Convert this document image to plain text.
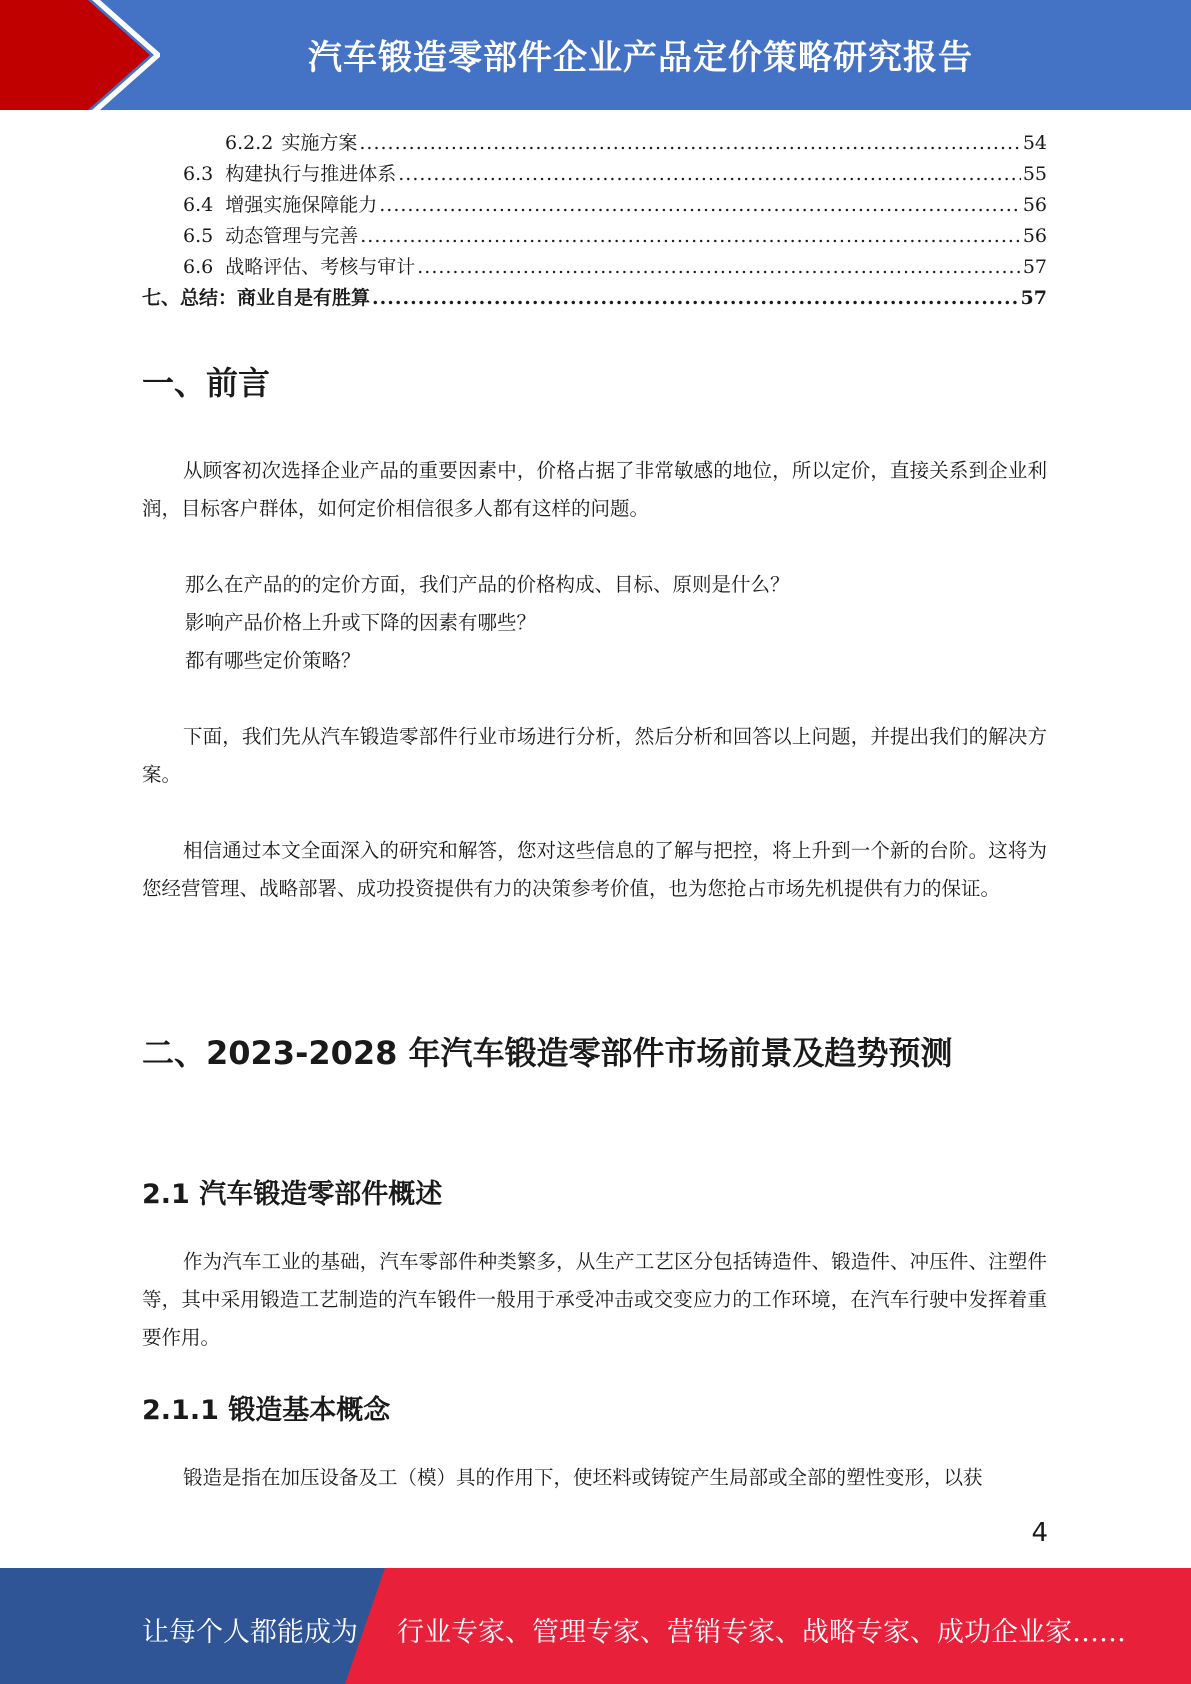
汽车锻造零部件企业产品定价策略研究报告
6.2.2 实施方案 .....	54
6.3 构建执行与推进体系 .....	55
6.4 增强实施保障能力 .....	56
6.5 动态管理与完善 .....	56
6.6 战略评估、考核与审计 .....	57
七、总结：商业自是有胜算 .....	57
一、前言

从顾客初次选择企业产品的重要因素中，价格占据了非常敏感的地位，所以定价，直接关系到企业利润，目标客户群体，如何定价相信很多人都有这样的问题。

那么在产品的的定价方面，我们产品的价格构成、目标、原则是什么？
影响产品价格上升或下降的因素有哪些？
都有哪些定价策略？

下面，我们先从汽车锻造零部件行业市场进行分析，然后分析和回答以上问题，并提出我们的解决方案。

相信通过本文全面深入的研究和解答，您对这些信息的了解与把控，将上升到一个新的台阶。这将为您经营管理、战略部署、成功投资提供有力的决策参考价值，也为您抢占市场先机提供有力的保证。

二、2023-2028 年汽车锻造零部件市场前景及趋势预测
2.1 汽车锻造零部件概述

作为汽车工业的基础，汽车零部件种类繁多，从生产工艺区分包括铸造件、锻造件、冲压件、注塑件等，其中采用锻造工艺制造的汽车锻件一般用于承受冲击或交变应力的工作环境，在汽车行驶中发挥着重要作用。

2.1.1 锻造基本概念

锻造是指在加压设备及工（模）具的作用下，使坯料或铸锭产生局部或全部的塑性变形，以获

4
让每个人都能成为 行业专家、管理专家、营销专家、战略专家、成功企业家……
